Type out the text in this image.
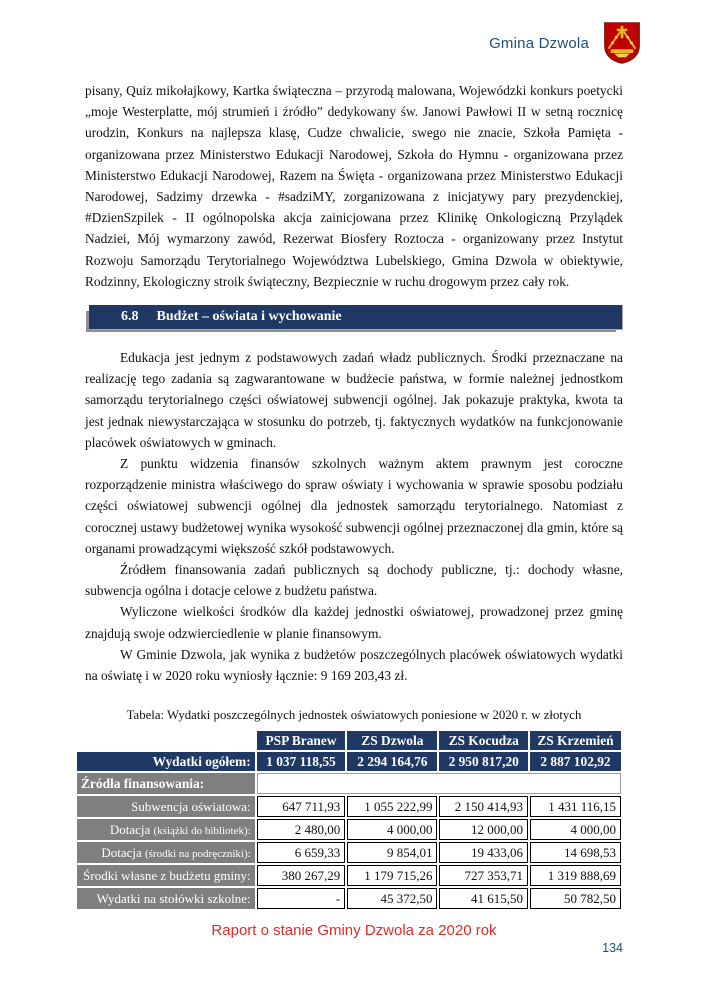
Gmina Dzwola

pisany, Quiz mikołajkowy, Kartka świąteczna – przyrodą malowana, Wojewódzki konkurs poetycki „moje Westerplatte, mój strumień i źródło” dedykowany św. Janowi Pawłowi II w setną rocznicę urodzin, Konkurs na najlepsza klasę, Cudze chwalicie, swego nie znacie, Szkoła Pamięta - organizowana przez Ministerstwo Edukacji Narodowej, Szkoła do Hymnu - organizowana przez Ministerstwo Edukacji Narodowej, Razem na Święta - organizowana przez Ministerstwo Edukacji Narodowej, Sadzimy drzewka - #sadziMY, zorganizowana z inicjatywy pary prezydenckiej, #DzienSzpilek - II ogólnopolska akcja zainicjowana przez Klinikę Onkologiczną Przylądek Nadziei, Mój wymarzony zawód, Rezerwat Biosfery Roztocza - organizowany przez Instytut Rozwoju Samorządu Terytorialnego Województwa Lubelskiego, Gmina Dzwola w obiektywie, Rodzinny, Ekologiczny stroik świąteczny, Bezpiecznie w ruchu drogowym przez cały rok.

6.8 Budżet – oświata i wychowanie

Edukacja jest jednym z podstawowych zadań władz publicznych. Środki przeznaczane na realizację tego zadania są zagwarantowane w budżecie państwa, w formie należnej jednostkom samorządu terytorialnego części oświatowej subwencji ogólnej. Jak pokazuje praktyka, kwota ta jest jednak niewystarczająca w stosunku do potrzeb, tj. faktycznych wydatków na funkcjonowanie placówek oświatowych w gminach.

Z punktu widzenia finansów szkolnych ważnym aktem prawnym jest coroczne rozporządzenie ministra właściwego do spraw oświaty i wychowania w sprawie sposobu podziału części oświatowej subwencji ogólnej dla jednostek samorządu terytorialnego. Natomiast z corocznej ustawy budżetowej wynika wysokość subwencji ogólnej przeznaczonej dla gmin, które są organami prowadzącymi większość szkół podstawowych.

Źródłem finansowania zadań publicznych są dochody publiczne, tj.: dochody własne, subwencja ogólna i dotacje celowe z budżetu państwa.

Wyliczone wielkości środków dla każdej jednostki oświatowej, prowadzonej przez gminę znajdują swoje odzwierciedlenie w planie finansowym.

W Gminie Dzwola, jak wynika z budżetów poszczególnych placówek oświatowych wydatki na oświatę i w 2020 roku wyniosły łącznie: 9 169 203,43 zł.

Tabela: Wydatki poszczególnych jednostek oświatowych poniesione w 2020 r. w złotych
	PSP Branew	ZS Dzwola	ZS Kocudza	ZS Krzemień
Wydatki ogółem:	1 037 118,55	2 294 164,76	2 950 817,20	2 887 102,92
Źródła finansowania:				
Subwencja oświatowa:	647 711,93	1 055 222,99	2 150 414,93	1 431 116,15
Dotacja (książki do bibliotek):	2 480,00	4 000,00	12 000,00	4 000,00
Dotacja (środki na podręczniki):	6 659,33	9 854,01	19 433,06	14 698,53
Środki własne z budżetu gminy:	380 267,29	1 179 715,26	727 353,71	1 319 888,69
Wydatki na stołówki szkolne:	-	45 372,50	41 615,50	50 782,50
Raport o stanie Gminy Dzwola za 2020 rok
134
